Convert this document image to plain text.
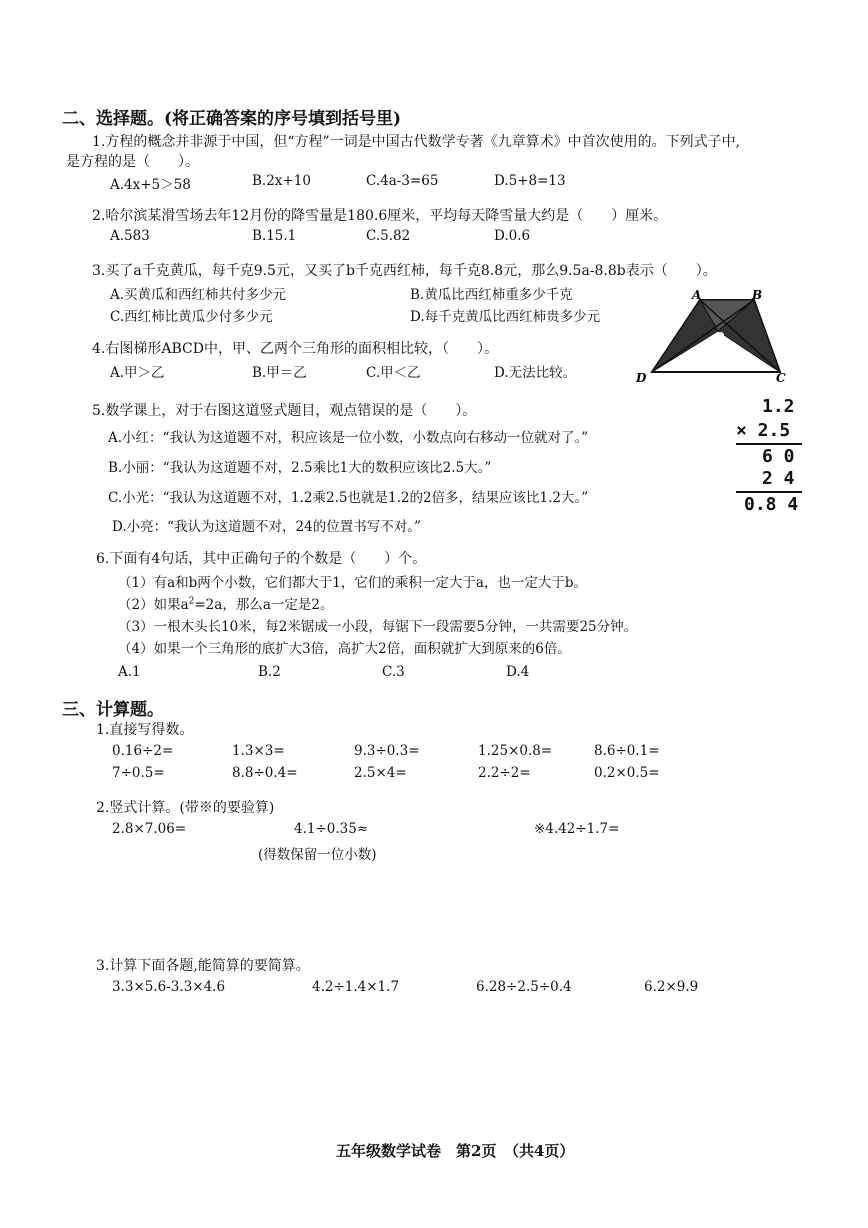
二、选择题。(将正确答案的序号填到括号里)
1.方程的概念并非源于中国，但“方程”一词是中国古代数学专著《九章算术》中首次使用的。下列式子中,
是方程的是（　　）。
A.4x+5＞58	B.2x+10	C.4a-3=65	D.5+8=13
2.哈尔滨某滑雪场去年12月份的降雪量是180.6厘米，平均每天降雪量大约是（　　）厘米。
A.583	B.15.1	C.5.82	D.0.6
3.买了a千克黄瓜，每千克9.5元，又买了b千克西红柿，每千克8.8元，那么9.5a-8.8b表示（　　）。
A.买黄瓜和西红柿共付多少元	B.黄瓜比西红柿重多少千克
C.西红柿比黄瓜少付多少元	D.每千克黄瓜比西红柿贵多少元
4.右图梯形ABCD中，甲、乙两个三角形的面积相比较，（　　）。
A.甲＞乙	B.甲＝乙	C.甲＜乙	D.无法比较。
A	B
O
D	C
5.数学课上，对于右图这道竖式题目，观点错误的是（　　）。
A.小红：“我认为这道题不对，积应该是一位小数，小数点向右移动一位就对了。”
B.小丽：“我认为这道题不对，2.5乘比1大的数积应该比2.5大。”
C.小光：“我认为这道题不对，1.2乘2.5也就是1.2的2倍多，结果应该比1.2大。”
D.小亮：“我认为这道题不对，24的位置书写不对。”
1.2
× 2.5
6 0
2 4
0.8 4
6.下面有4句话，其中正确句子的个数是（　　）个。
（1）有a和b两个小数，它们都大于1，它们的乘积一定大于a，也一定大于b。
（2）如果$a^2=2a$，那么a一定是2。
（3）一根木头长10米，每2米锯成一小段，每锯下一段需要5分钟，一共需要25分钟。
（4）如果一个三角形的底扩大3倍，高扩大2倍，面积就扩大到原来的6倍。
A.1	B.2	C.3	D.4
三、计算题。
1.直接写得数。
0.16÷2=	1.3×3=	9.3÷0.3=	1.25×0.8=	8.6÷0.1=
7÷0.5=	8.8÷0.4=	2.5×4=	2.2÷2=	0.2×0.5=
2.竖式计算。(带※的要验算)
2.8×7.06=	4.1÷0.35≈	※4.42÷1.7=
(得数保留一位小数)
3.计算下面各题,能简算的要简算。
3.3×5.6-3.3×4.6	4.2÷1.4×1.7	6.28÷2.5÷0.4	6.2×9.9
五年级数学试卷　第2页　（共4页）
